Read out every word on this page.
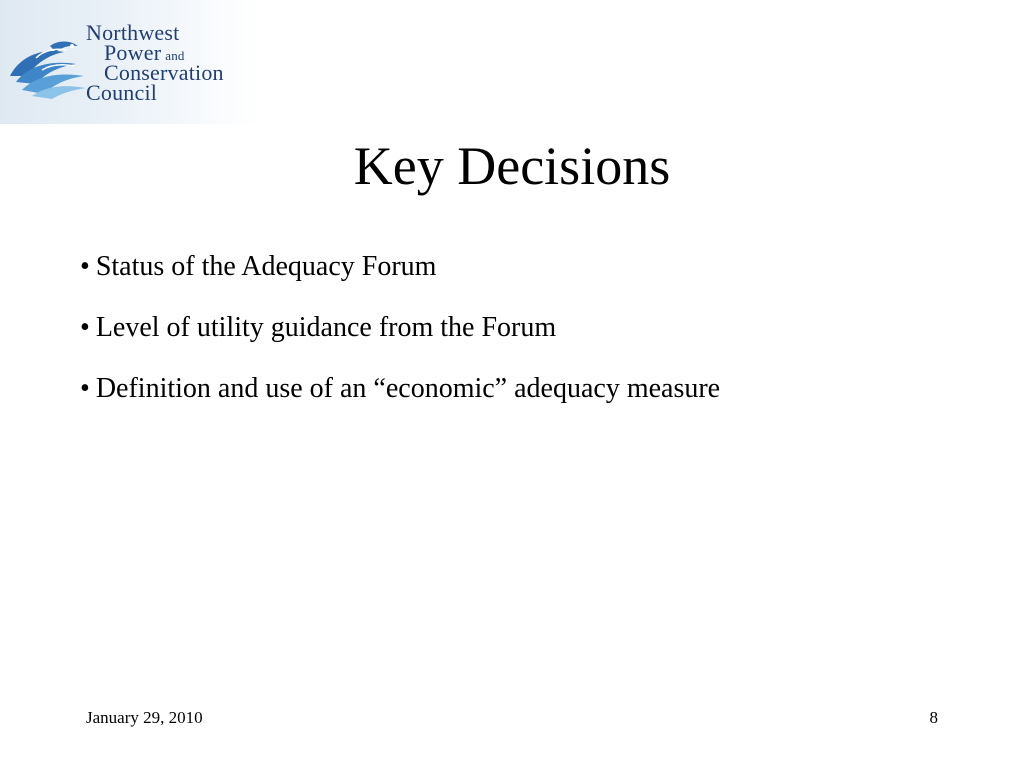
Northwest
Power and
Conservation
Council
Key Decisions
• Status of the Adequacy Forum
• Level of utility guidance from the Forum
• Definition and use of an “economic” adequacy measure
January 29, 2010	8
